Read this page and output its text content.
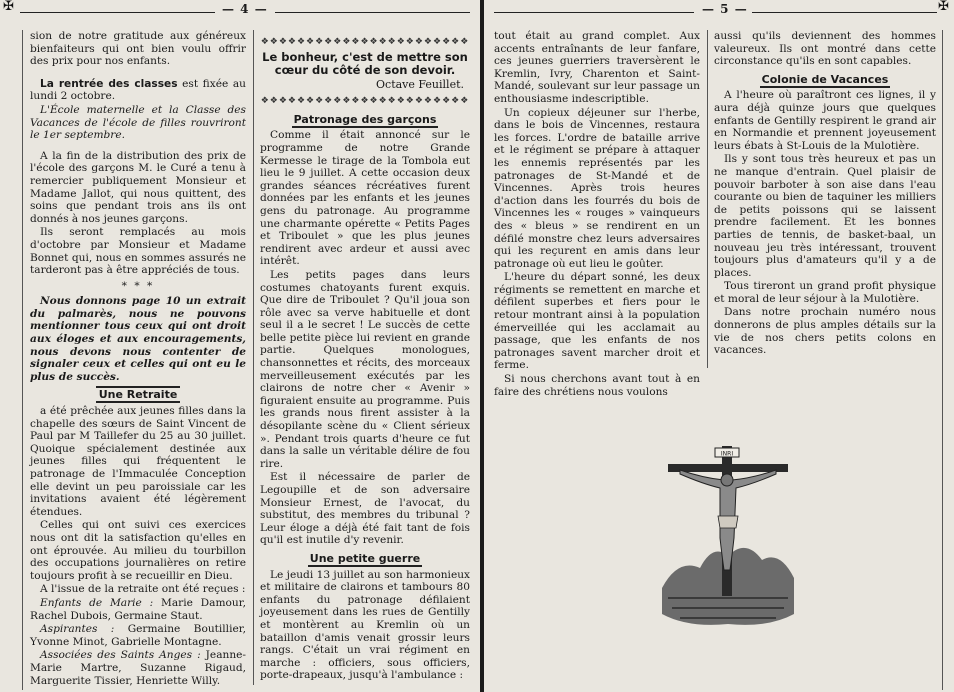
✠	— 4 —

sion de notre gratitude aux généreux bienfaiteurs qui ont bien voulu offrir des prix pour nos enfants.

La rentrée des classes est fixée au lundi 2 octobre.

L'École maternelle et la Classe des Vacances de l'école de filles rouvriront le 1er septembre.

A la fin de la distribution des prix de l'école des garçons M. le Curé a tenu à remercier publiquement Monsieur et Madame Jallot, qui nous quittent, des soins que pendant trois ans ils ont donnés à nos jeunes garçons.

Ils seront remplacés au mois d'octobre par Monsieur et Madame Bonnet qui, nous en sommes assurés ne tarderont pas à être appréciés de tous.

* * *

Nous donnons page 10 un extrait du palmarès, nous ne pouvons mentionner tous ceux qui ont droit aux éloges et aux encouragements, nous devons nous contenter de signaler ceux et celles qui ont eu le plus de succès.

Une Retraite

a été prêchée aux jeunes filles dans la chapelle des sœurs de Saint Vincent de Paul par M Taillefer du 25 au 30 juillet. Quoique spécialement destinée aux jeunes filles qui fréquentent le patronage de l'Immaculée Conception elle devint un peu paroissiale car les invitations avaient été légèrement étendues.

Celles qui ont suivi ces exercices nous ont dit la satisfaction qu'elles en ont éprouvée. Au milieu du tourbillon des occupations journalières on retire toujours profit à se recueillir en Dieu.

A l'issue de la retraite ont été reçues :

Enfants de Marie : Marie Damour, Rachel Dubois, Germaine Staut.

Aspirantes : Germaine Boutillier, Yvonne Minot, Gabrielle Montagne.

Associées des Saints Anges : Jeanne-Marie Martre, Suzanne Rigaud, Marguerite Tissier, Henriette Willy.

❖❖❖❖❖❖❖❖❖❖❖❖❖❖❖❖❖❖❖❖❖❖❖
Le bonheur, c'est de mettre son cœur du côté de son devoir.
Octave Feuillet.
❖❖❖❖❖❖❖❖❖❖❖❖❖❖❖❖❖❖❖❖❖❖❖
Patronage des garçons

Comme il était annoncé sur le programme de notre Grande Kermesse le tirage de la Tombola eut lieu le 9 juillet. A cette occasion deux grandes séances récréatives furent données par les enfants et les jeunes gens du patronage. Au programme une charmante opérette « Petits Pages et Triboulet » que les plus jeunes rendirent avec ardeur et aussi avec intérêt.

Les petits pages dans leurs costumes chatoyants furent exquis. Que dire de Triboulet ? Qu'il joua son rôle avec sa verve habituelle et dont seul il a le secret ! Le succès de cette belle petite pièce lui revient en grande partie. Quelques monologues, chansonnettes et récits, des morceaux merveilleusement exécutés par les clairons de notre cher « Avenir » figuraient ensuite au programme. Puis les grands nous firent assister à la désopilante scène du « Client sérieux ». Pendant trois quarts d'heure ce fut dans la salle un véritable délire de fou rire.

Est il nécessaire de parler de Legoupille et de son adversaire Monsieur Ernest, de l'avocat, du substitut, des membres du tribunal ? Leur éloge a déjà été fait tant de fois qu'il est inutile d'y revenir.

Une petite guerre

Le jeudi 13 juillet au son harmonieux et militaire de clairons et tambours 80 enfants du patronage défilaient joyeusement dans les rues de Gentilly et montèrent au Kremlin où un bataillon d'amis venait grossir leurs rangs. C'était un vrai régiment en marche : officiers, sous officiers, porte-drapeaux, jusqu'à l'ambulance :

— 5 —	✠

tout était au grand complet. Aux accents entraînants de leur fanfare, ces jeunes guerriers traversèrent le Kremlin, Ivry, Charenton et Saint-Mandé, soulevant sur leur passage un enthousiasme indescriptible.

Un copieux déjeuner sur l'herbe, dans le bois de Vincennes, restaura les forces. L'ordre de bataille arrive et le régiment se prépare à attaquer les ennemis représentés par les patronages de St-Mandé et de Vincennes. Après trois heures d'action dans les fourrés du bois de Vincennes les « rouges » vainqueurs des « bleus » se rendirent en un défilé monstre chez leurs adversaires qui les reçurent en amis dans leur patronage où eut lieu le goûter.

L'heure du départ sonné, les deux régiments se remettent en marche et défilent superbes et fiers pour le retour montrant ainsi à la population émerveillée qui les acclamait au passage, que les enfants de nos patronages savent marcher droit et ferme.

Si nous cherchons avant tout à en faire des chrétiens nous voulons

aussi qu'ils deviennent des hommes valeureux. Ils ont montré dans cette circonstance qu'ils en sont capables.

Colonie de Vacances

A l'heure où paraîtront ces lignes, il y aura déjà quinze jours que quelques enfants de Gentilly respirent le grand air en Normandie et prennent joyeusement leurs ébats à St-Louis de la Mulotière.

Ils y sont tous très heureux et pas un ne manque d'entrain. Quel plaisir de pouvoir barboter à son aise dans l'eau courante ou bien de taquiner les milliers de petits poissons qui se laissent prendre facilement. Et les bonnes parties de tennis, de basket-baal, un nouveau jeu très intéressant, trouvent toujours plus d'amateurs qu'il y a de places.

Tous tireront un grand profit physique et moral de leur séjour à la Mulotière.

Dans notre prochain numéro nous donnerons de plus amples détails sur la vie de nos chers petits colons en vacances.

INRI
